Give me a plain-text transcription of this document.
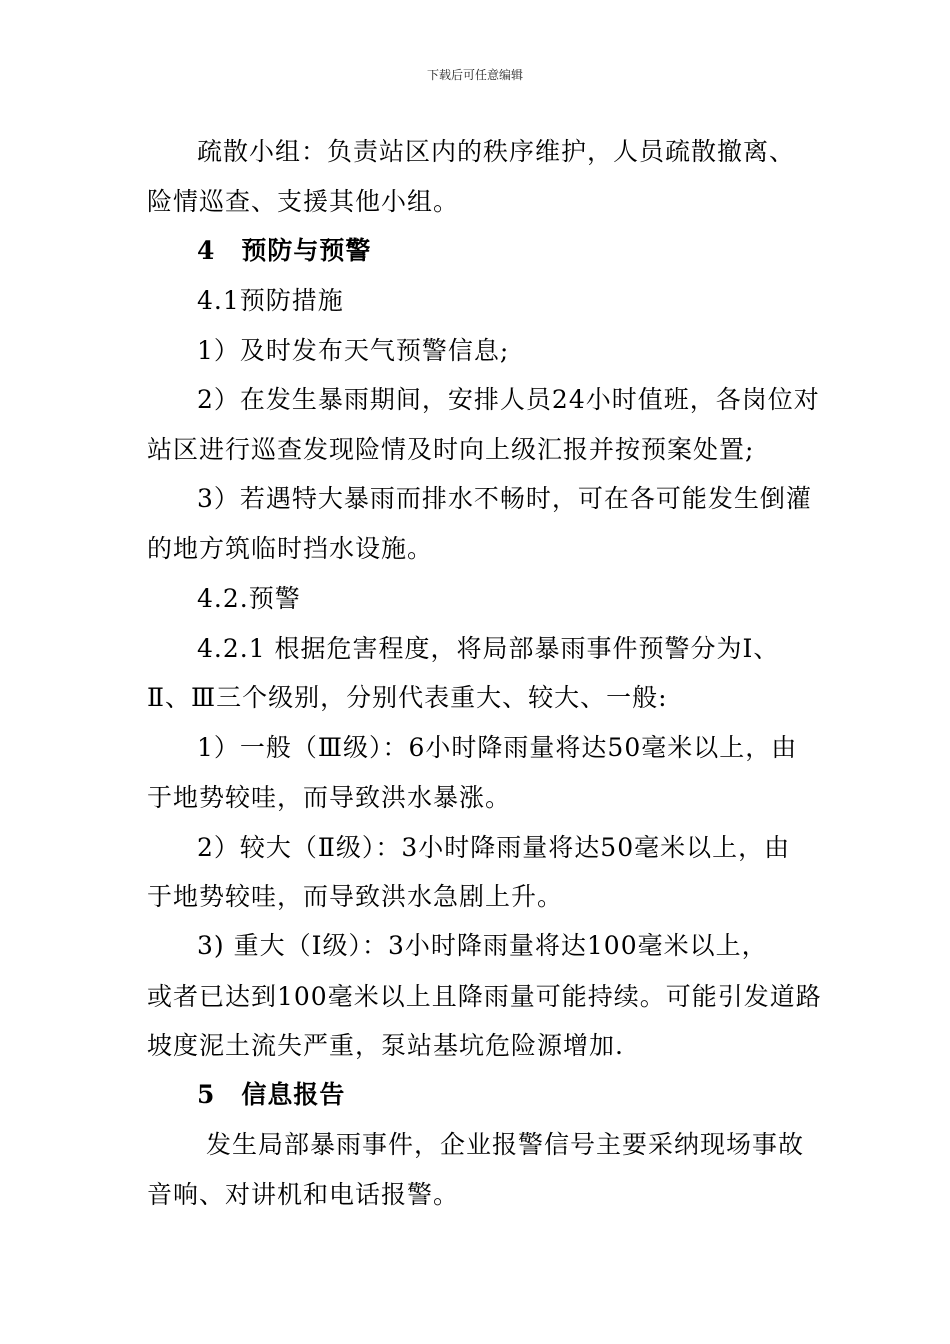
下载后可任意编辑
疏散小组：负责站区内的秩序维护，人员疏散撤离、
险情巡查、支援其他小组。
4　预防与预警
4.1预防措施
1）及时发布天气预警信息;
2）在发生暴雨期间，安排人员24小时值班，各岗位对
站区进行巡查发现险情及时向上级汇报并按预案处置;
3）若遇特大暴雨而排水不畅时，可在各可能发生倒灌
的地方筑临时挡水设施。
4.2.预警
4.2.1 根据危害程度，将局部暴雨事件预警分为Ⅰ、
Ⅱ、Ⅲ三个级别，分别代表重大、较大、一般:
1）一般（Ⅲ级）：6小时降雨量将达50毫米以上，由
于地势较哇，而导致洪水暴涨。
2）较大（Ⅱ级）：3小时降雨量将达50毫米以上，由
于地势较哇，而导致洪水急剧上升。
3) 重大（Ⅰ级）：3小时降雨量将达100毫米以上，
或者已达到100毫米以上且降雨量可能持续。可能引发道路
坡度泥土流失严重，泵站基坑危险源增加.
5　信息报告
发生局部暴雨事件，企业报警信号主要采纳现场事故
音响、对讲机和电话报警。
